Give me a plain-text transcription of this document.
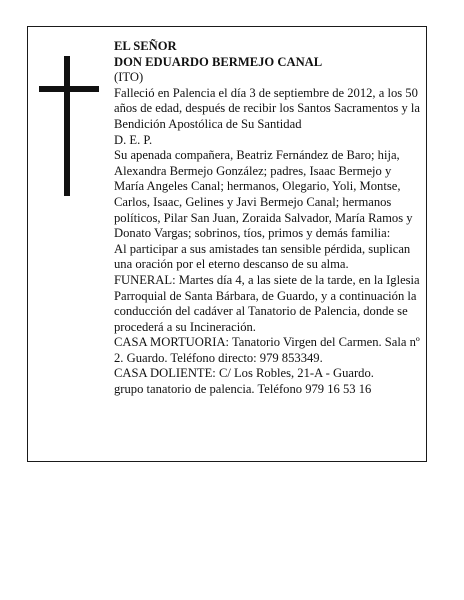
EL SEÑOR

DON EDUARDO BERMEJO CANAL

(ITO)

Falleció en Palencia el día 3 de septiembre de 2012, a los 50 años de edad, después de recibir los Santos Sacramentos y la Bendición Apostólica de Su Santidad

D. E. P.

Su apenada compañera, Beatriz Fernández de Baro; hija, Alexandra Bermejo González; padres, Isaac Bermejo y María Angeles Canal; hermanos, Olegario, Yoli, Montse, Carlos, Isaac, Gelines y Javi Bermejo Canal; hermanos políticos, Pilar San Juan, Zoraida Salvador, María Ramos y Donato Vargas; sobrinos, tíos, primos y demás familia:

Al participar a sus amistades tan sensible pérdida, suplican una oración por el eterno descanso de su alma.

FUNERAL: Martes día 4, a las siete de la tarde, en la Iglesia Parroquial de Santa Bárbara, de Guardo, y a continuación la conducción del cadáver al Tanatorio de Palencia, donde se procederá a su Incineración.

CASA MORTUORIA: Tanatorio Virgen del Carmen. Sala nº 2. Guardo. Teléfono directo: 979 853349.

CASA DOLIENTE: C/ Los Robles, 21-A - Guardo.

grupo tanatorio de palencia. Teléfono 979 16 53 16
